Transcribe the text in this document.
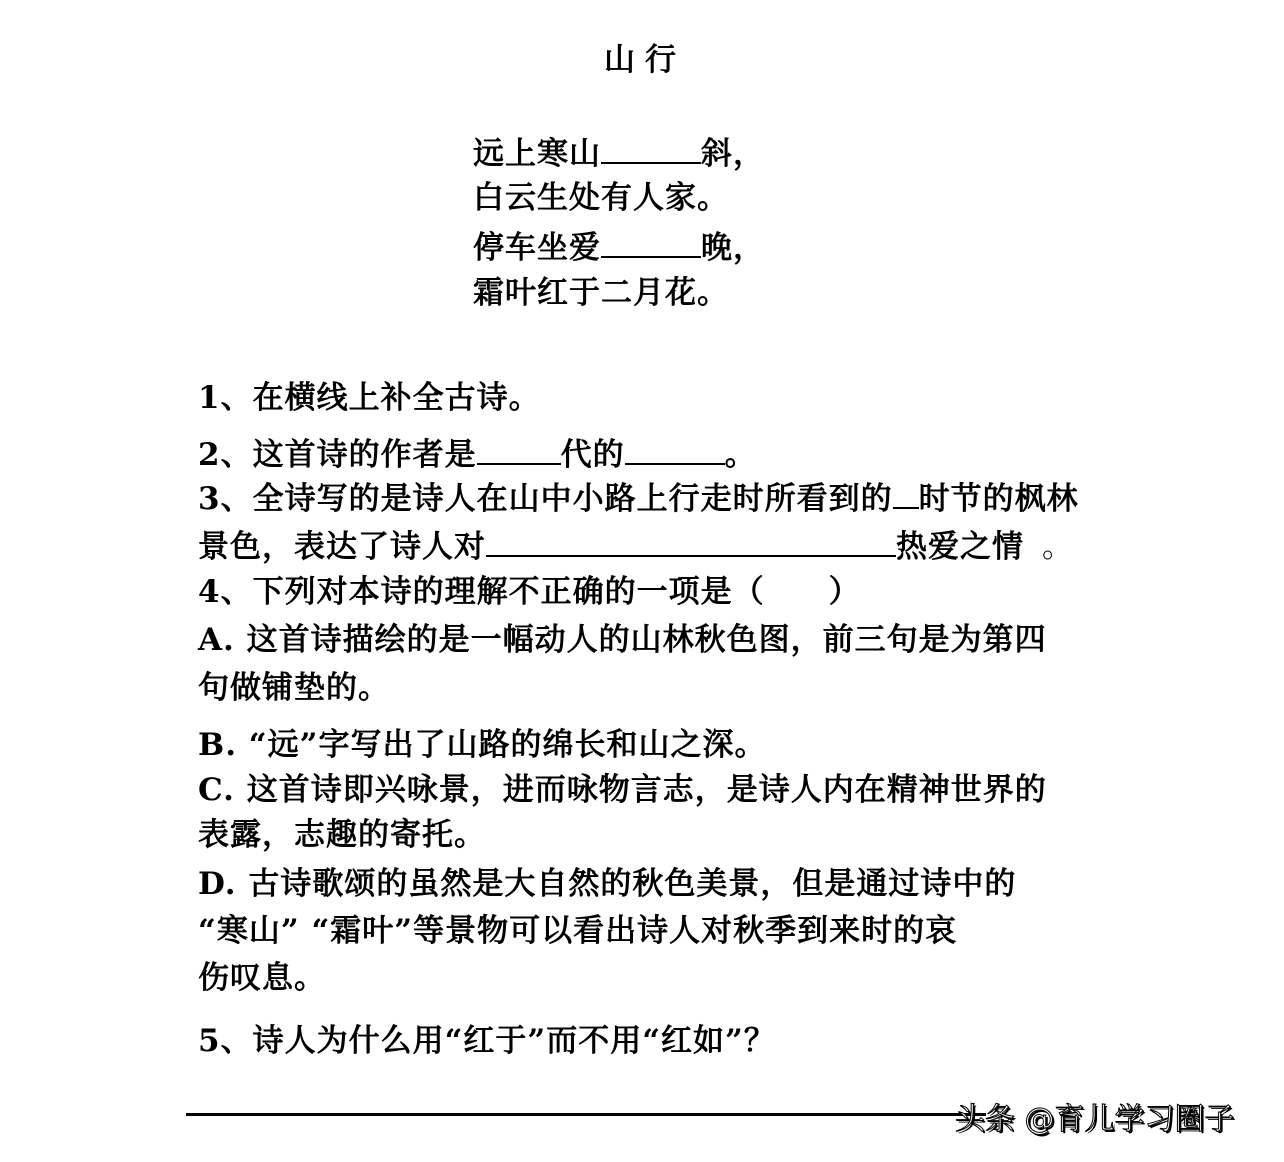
山行
远上寒山	斜，
白云生处有人家。
停车坐爱	晚，
霜叶红于二月花。
1、在横线上补全古诗。
2、这首诗的作者是	代的	。
3、全诗写的是诗人在山中小路上行走时所看到的 时节的枫林
景色，表达了诗人对	热爱之情 。
4、下列对本诗的理解不正确的一项是（　　）
A. 这首诗描绘的是一幅动人的山林秋色图，前三句是为第四
句做铺垫的。
B. “远”字写出了山路的绵长和山之深。
C. 这首诗即兴咏景，进而咏物言志，是诗人内在精神世界的
表露，志趣的寄托。
D. 古诗歌颂的虽然是大自然的秋色美景，但是通过诗中的
“寒山” “霜叶”等景物可以看出诗人对秋季到来时的哀
伤叹息。
5、诗人为什么用“红于”而不用“红如”？
头条 @育儿学习圈子
